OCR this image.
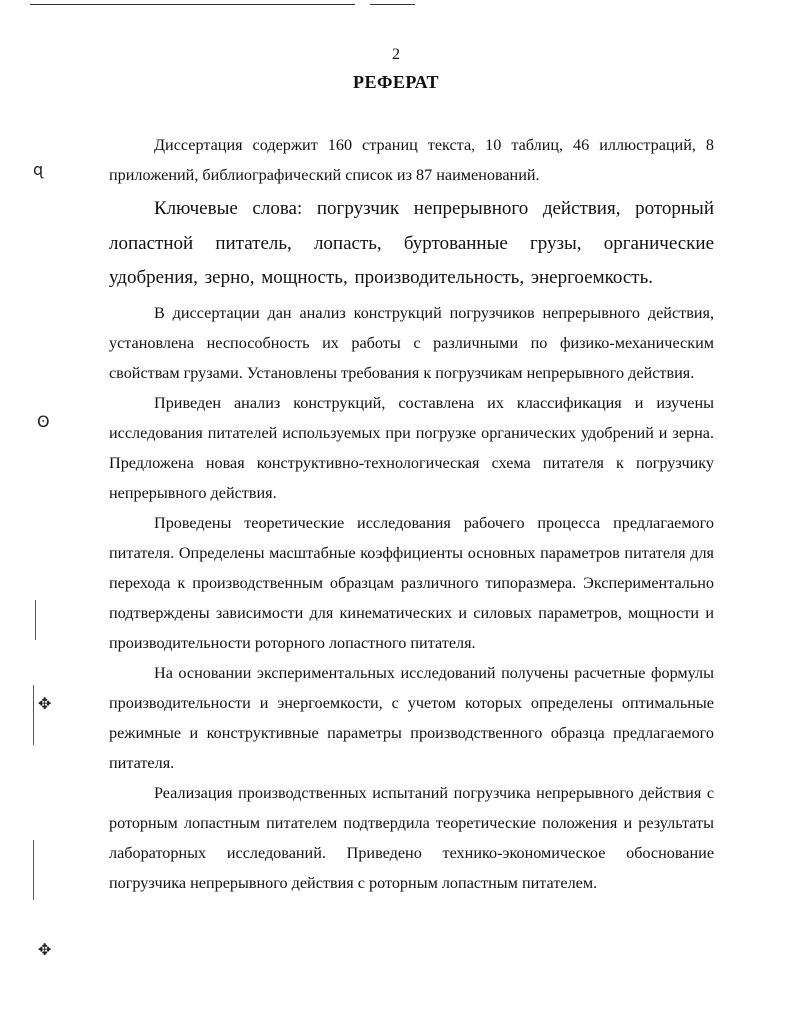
ɋ
ʘ
✥
✥
2
РЕФЕРАТ

Диссертация содержит 160 страниц текста, 10 таблиц, 46 иллюстраций, 8 приложений, библиографический список из 87 наименований.

Ключевые слова: погрузчик непрерывного действия, роторный лопастной питатель, лопасть, буртованные грузы, органические удобрения, зерно, мощность, производительность, энергоемкость.

В диссертации дан анализ конструкций погрузчиков непрерывного действия, установлена неспособность их работы с различными по физико-механическим свойствам грузами. Установлены требования к погрузчикам непрерывного действия.

Приведен анализ конструкций, составлена их классификация и изучены исследования питателей используемых при погрузке органических удобрений и зерна. Предложена новая конструктивно-технологическая схема питателя к погрузчику непрерывного действия.

Проведены теоретические исследования рабочего процесса предлагаемого питателя. Определены масштабные коэффициенты основных параметров питателя для перехода к производственным образцам различного типоразмера. Экспериментально подтверждены зависимости для кинематических и силовых параметров, мощности и производительности роторного лопастного питателя.

На основании экспериментальных исследований получены расчетные формулы производительности и энергоемкости, с учетом которых определены оптимальные режимные и конструктивные параметры производственного образца предлагаемого питателя.

Реализация производственных испытаний погрузчика непрерывного действия с роторным лопастным питателем подтвердила теоретические положения и результаты лабораторных исследований. Приведено технико-экономическое обоснование погрузчика непрерывного действия с роторным лопастным питателем.
